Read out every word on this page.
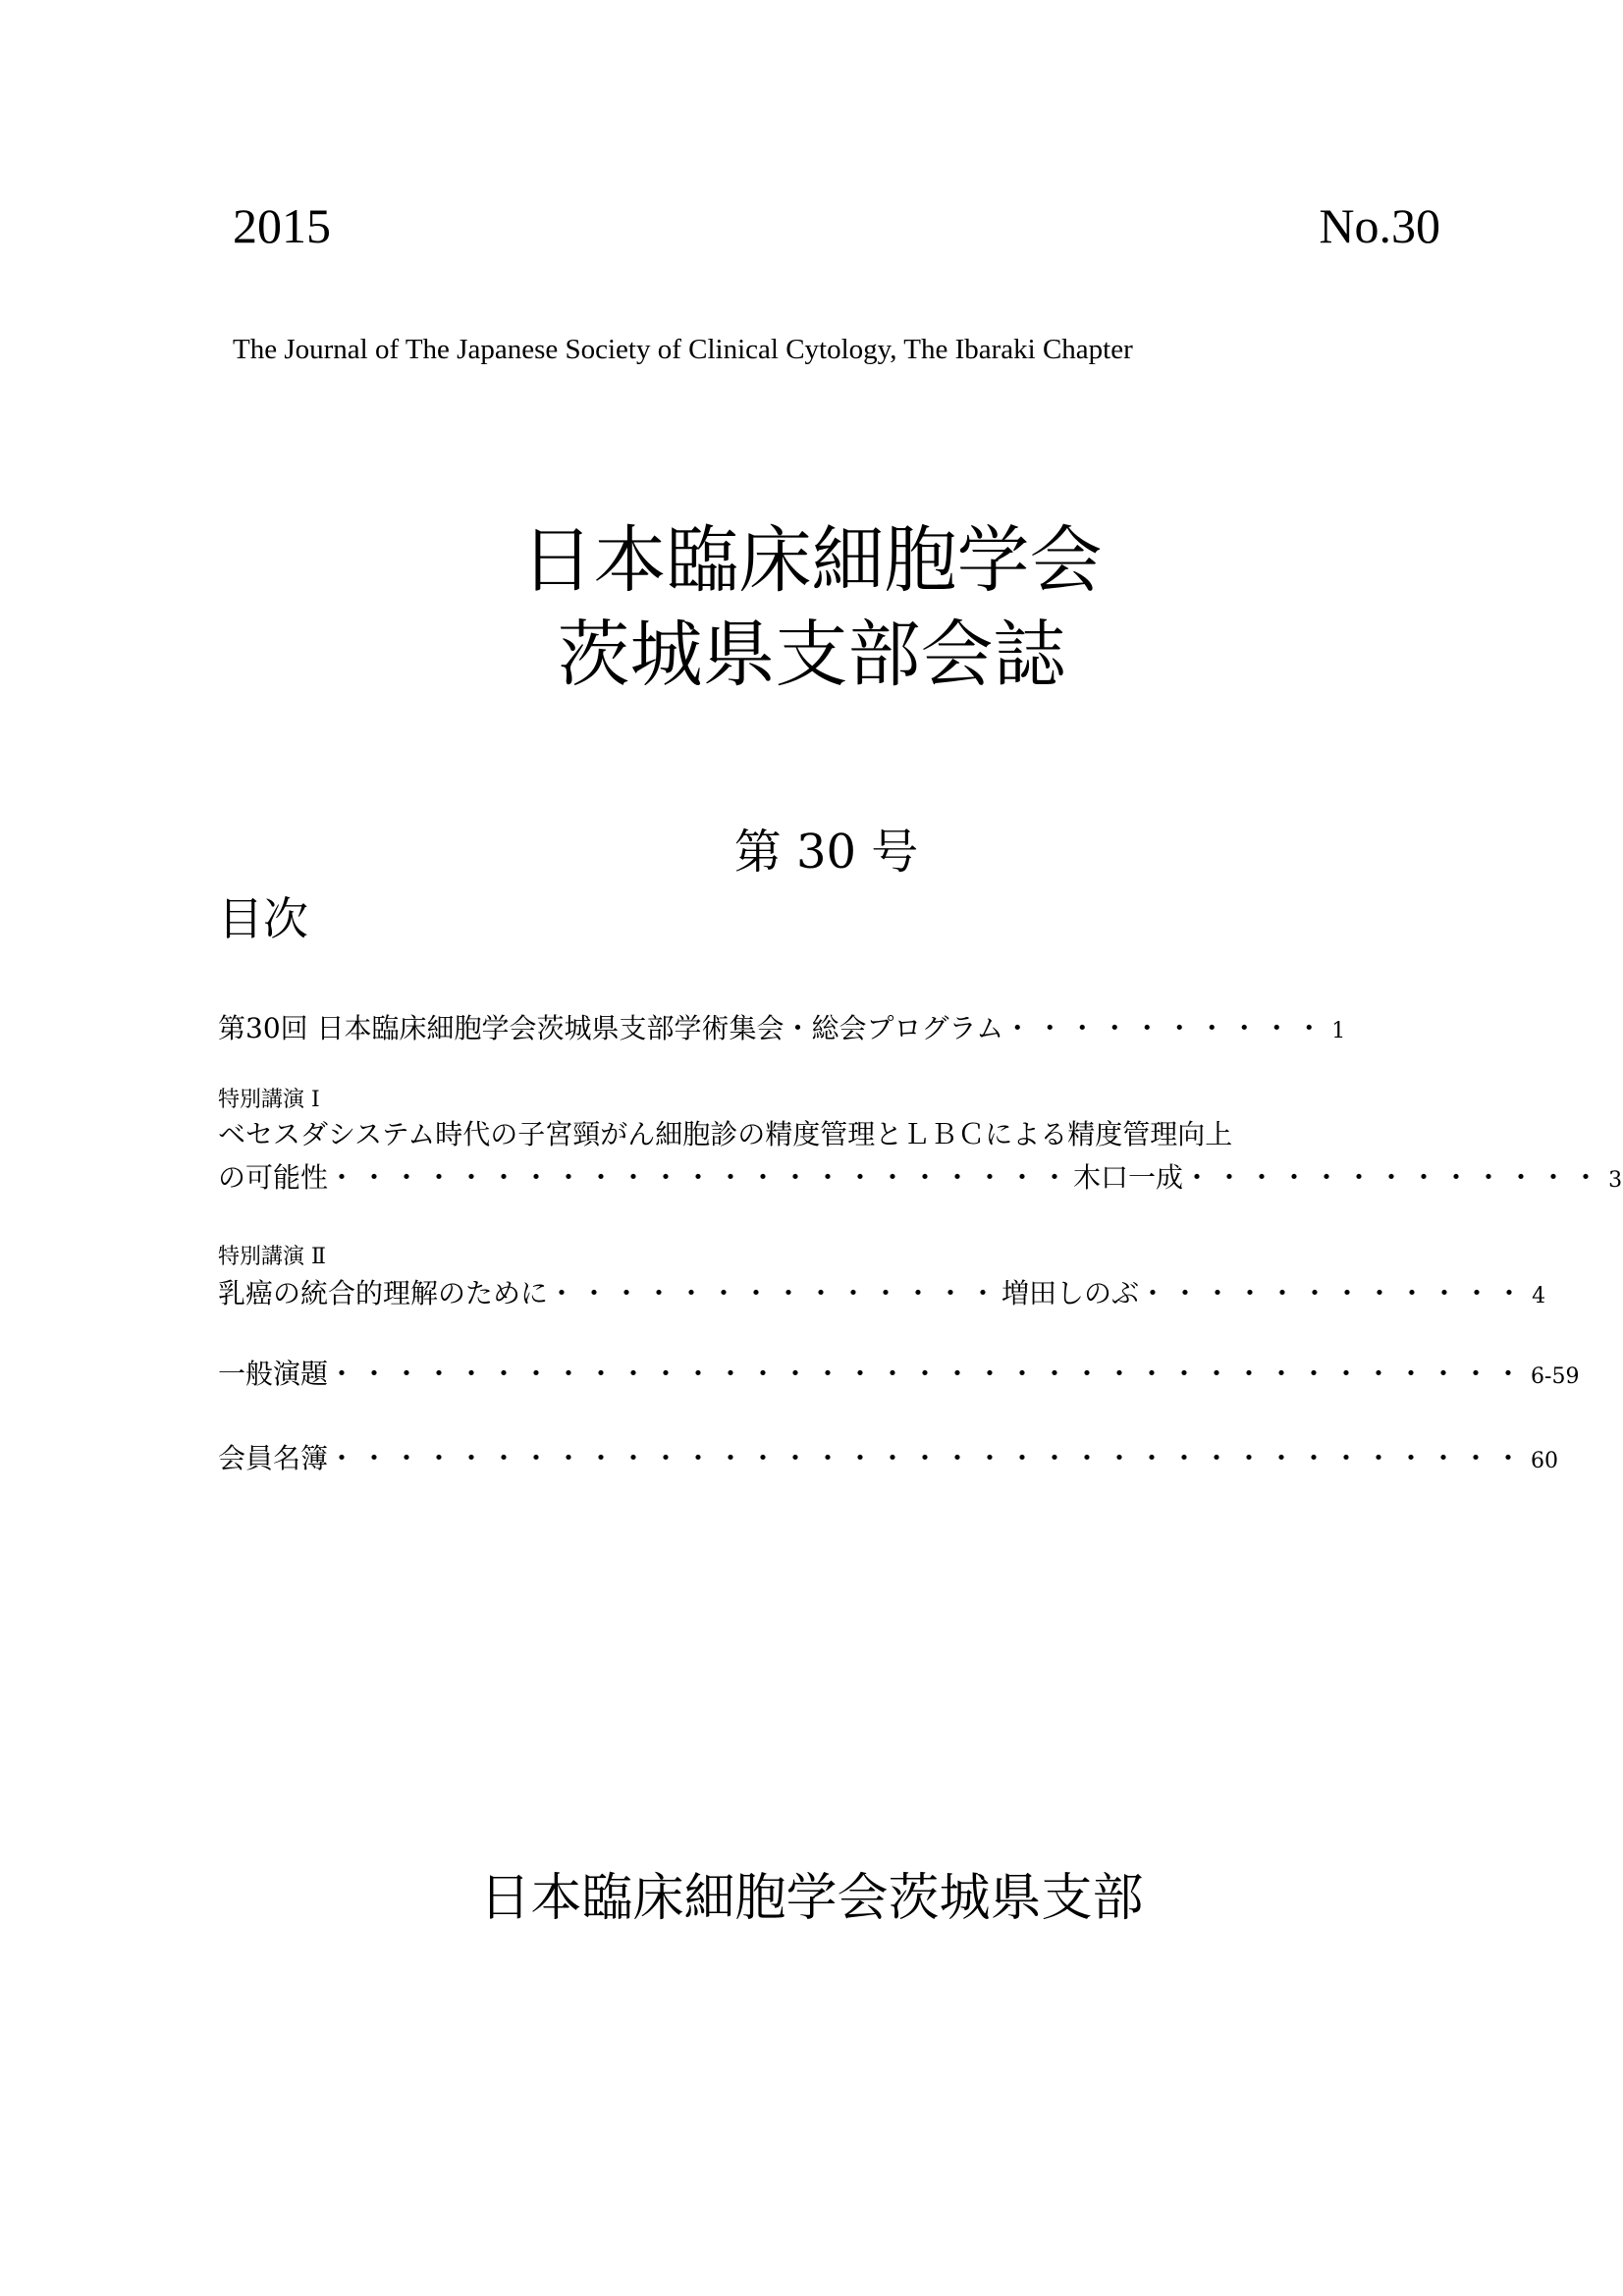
2015	No.30
The Journal of The Japanese Society of Clinical Cytology, The Ibaraki Chapter
日本臨床細胞学会
茨城県支部会誌
第 30 号
目次
第30回 日本臨床細胞学会茨城県支部学術集会・総会プログラム ・・・・・・・・・・ 1
特別講演 Ⅰ
ベセスダシステム時代の子宮頸がん細胞診の精度管理とＬＢＣによる精度管理向上
の可能性 ・・・・・・・・・・・・・・・・・・・・・・・ 木口一成 ・・・・・・・・・・・・・ 3
特別講演 Ⅱ
乳癌の統合的理解のために ・・・・・・・・・・・・・・ 増田しのぶ ・・・・・・・・・・・・ 4
一般演題 ・・・・・・・・・・・・・・・・・・・・・・・・・・・・・・・・・・・・・ 6-59
会員名簿 ・・・・・・・・・・・・・・・・・・・・・・・・・・・・・・・・・・・・・ 60
日本臨床細胞学会茨城県支部
